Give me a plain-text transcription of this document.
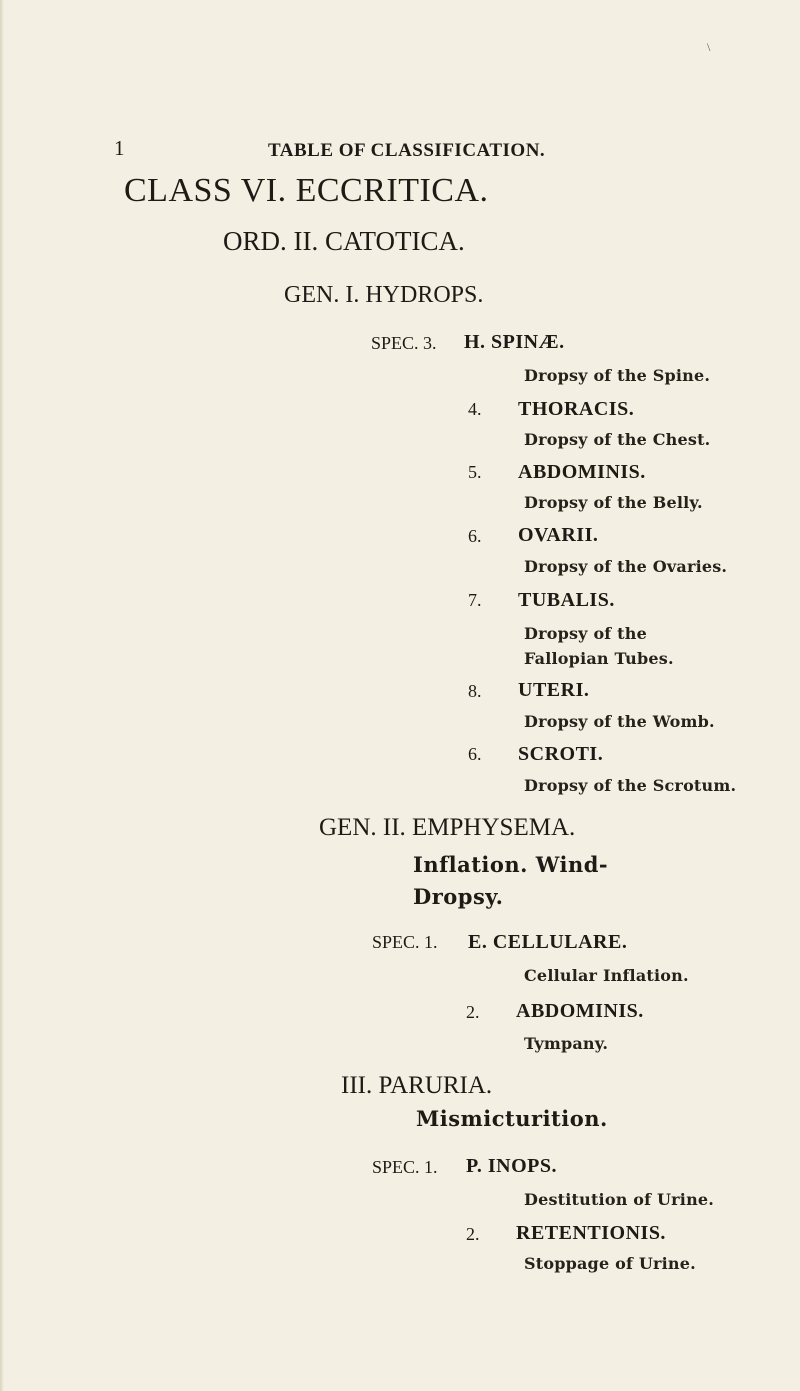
\
1	TABLE OF CLASSIFICATION.
CLASS VI. ECCRITICA.
ORD. II. CATOTICA.
GEN. I. HYDROPS.
SPEC. 3. H. SPINÆ.
Dropsy of the Spine.
4. THORACIS.
Dropsy of the Chest.
5. ABDOMINIS.
Dropsy of the Belly.
6. OVARII.
Dropsy of the Ovaries.
7. TUBALIS.
Dropsy of the Fallopian Tubes.
8. UTERI.
Dropsy of the Womb.
6. SCROTI.
Dropsy of the Scrotum.
GEN. II. EMPHYSEMA.
Inflation. Wind-
Dropsy.
SPEC. 1. E. CELLULARE.
Cellular Inflation.
2. ABDOMINIS.
Tympany.
III. PARURIA.
Mismicturition.
SPEC. 1. P. INOPS.
Destitution of Urine.
2. RETENTIONIS.
Stoppage of Urine.
